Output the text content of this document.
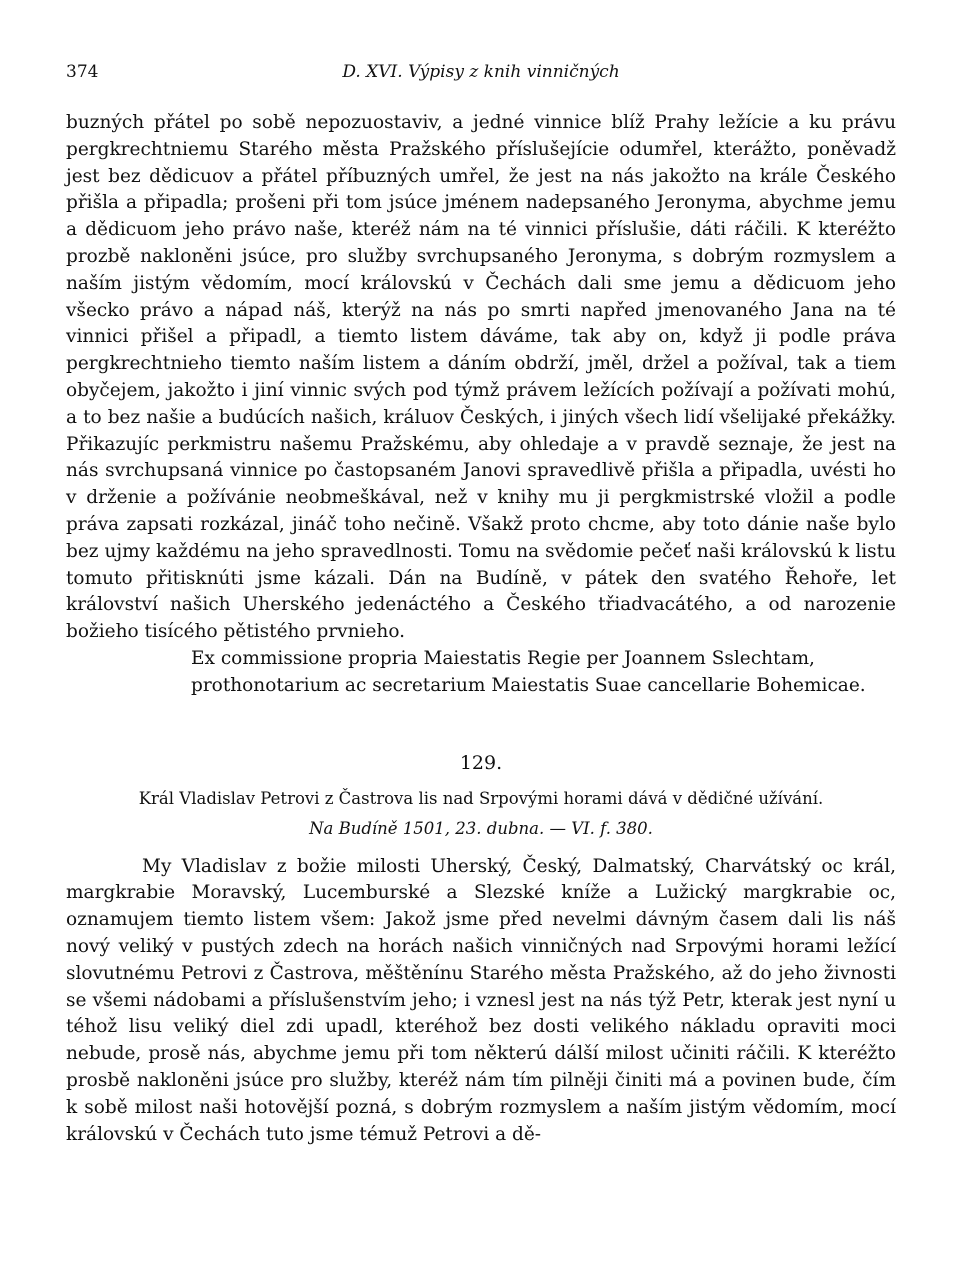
374	D. XVI. Výpisy z knih vinničných

buzných přátel po sobě nepozuostaviv, a jedné vinnice blíž Prahy ležície a ku právu pergkrechtniemu Starého města Pražského příslušejície odumřel, kterážto, poněvadž jest bez dědicuov a přátel příbuzných umřel, že jest na nás jakožto na krále Českého přišla a připadla; prošeni při tom jsúce jménem nadepsaného Jeronyma, abychme jemu a dědicuom jeho právo naše, kteréž nám na té vinnici příslušie, dáti ráčili. K kteréžto prozbě nakloněni jsúce, pro služby svrchupsaného Jeronyma, s dobrým rozmyslem a naším jistým vědomím, mocí královskú v Čechách dali sme jemu a dědicuom jeho všecko právo a nápad náš, kterýž na nás po smrti napřed jmenovaného Jana na té vinnici přišel a připadl, a tiemto listem dáváme, tak aby on, když ji podle práva pergkrechtnieho tiemto naším listem a dáním obdrží, jměl, držel a požíval, tak a tiem obyčejem, jakožto i jiní vinnic svých pod týmž právem ležících požívají a požívati mohú, a to bez našie a budúcích našich, králuov Českých, i jiných všech lidí všelijaké překážky. Přikazujíc perkmistru našemu Pražskému, aby ohledaje a v pravdě seznaje, že jest na nás svrchupsaná vinnice po častopsaném Janovi spravedlivě přišla a připadla, uvésti ho v drženie a požívánie neobmeškával, než v knihy mu ji pergkmistrské vložil a podle práva zapsati rozkázal, jináč toho nečině. Všakž proto chcme, aby toto dánie naše bylo bez ujmy každému na jeho spravedlnosti. Tomu na svědomie pečeť naši královskú k listu tomuto přitisknúti jsme kázali. Dán na Budíně, v pátek den svatého Řehoře, let království našich Uherského jedenáctého a Českého třiadvacátého, a od narozenie božieho tisícého pětistého prvnieho.

Ex commissione propria Maiestatis Regie per Joannem Sslechtam,
prothonotarium ac secretarium Maiestatis Suae cancellarie Bohemicae.

129.

Král Vladislav Petrovi z Častrova lis nad Srpovými horami dává v dědičné užívání.

Na Budíně 1501, 23. dubna. — VI. f. 380.

My Vladislav z božie milosti Uherský, Český, Dalmatský, Charvátský oc král, margkrabie Moravský, Lucemburské a Slezské kníže a Lužický margkrabie oc, oznamujem tiemto listem všem: Jakož jsme před nevelmi dávným časem dali lis náš nový veliký v pustých zdech na horách našich vinničných nad Srpovými horami ležící slovutnému Petrovi z Častrova, měštěnínu Starého města Pražského, až do jeho živnosti se všemi nádobami a příslušenstvím jeho; i vznesl jest na nás týž Petr, kterak jest nyní u téhož lisu veliký diel zdi upadl, kteréhož bez dosti velikého nákladu opraviti moci nebude, prosě nás, abychme jemu při tom některú dálší milost učiniti ráčili. K kteréžto prosbě nakloněni jsúce pro služby, kteréž nám tím pilněji činiti má a povinen bude, čím k sobě milost naši hotovější pozná, s dobrým rozmyslem a naším jistým vědomím, mocí královskú v Čechách tuto jsme témuž Petrovi a dě-
